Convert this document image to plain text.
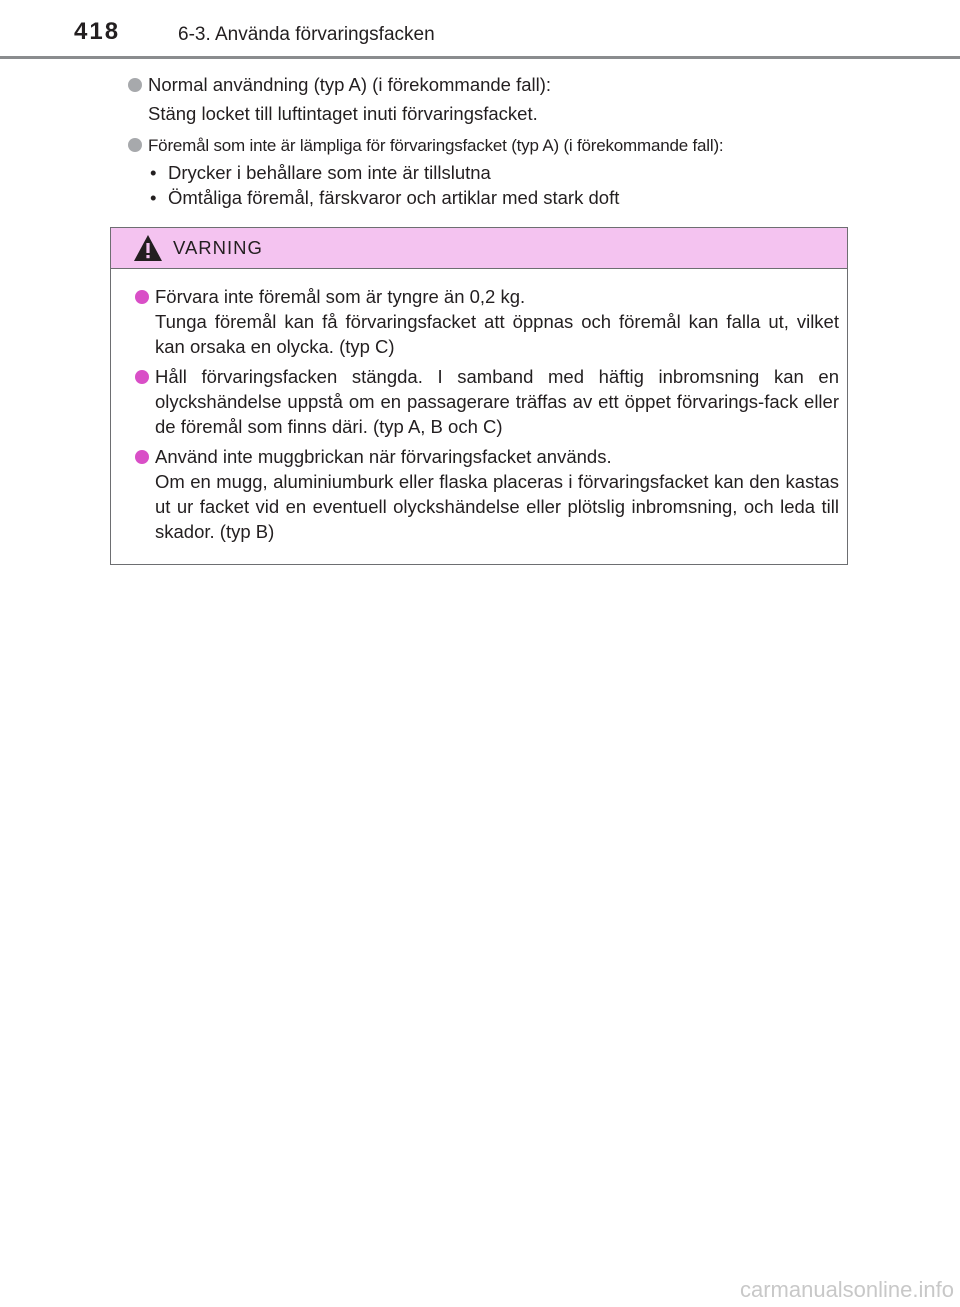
418	6-3. Använda förvaringsfacken
Normal användning (typ A) (i förekommande fall):
Stäng locket till luftintaget inuti förvaringsfacket.
Föremål som inte är lämpliga för förvaringsfacket (typ A) (i förekommande fall):
• Drycker i behållare som inte är tillslutna
• Ömtåliga föremål, färskvaror och artiklar med stark doft
VARNING
Förvara inte föremål som är tyngre än 0,2 kg.
Tunga föremål kan få förvaringsfacket att öppnas och föremål kan falla ut, vilket kan orsaka en olycka. (typ C)
Håll förvaringsfacken stängda. I samband med häftig inbromsning kan en olyckshändelse uppstå om en passagerare träffas av ett öppet förvarings-fack eller de föremål som finns däri. (typ A, B och C)
Använd inte muggbrickan när förvaringsfacket används.
Om en mugg, aluminiumburk eller flaska placeras i förvaringsfacket kan den kastas ut ur facket vid en eventuell olyckshändelse eller plötslig inbromsning, och leda till skador. (typ B)
carmanualsonline.info
